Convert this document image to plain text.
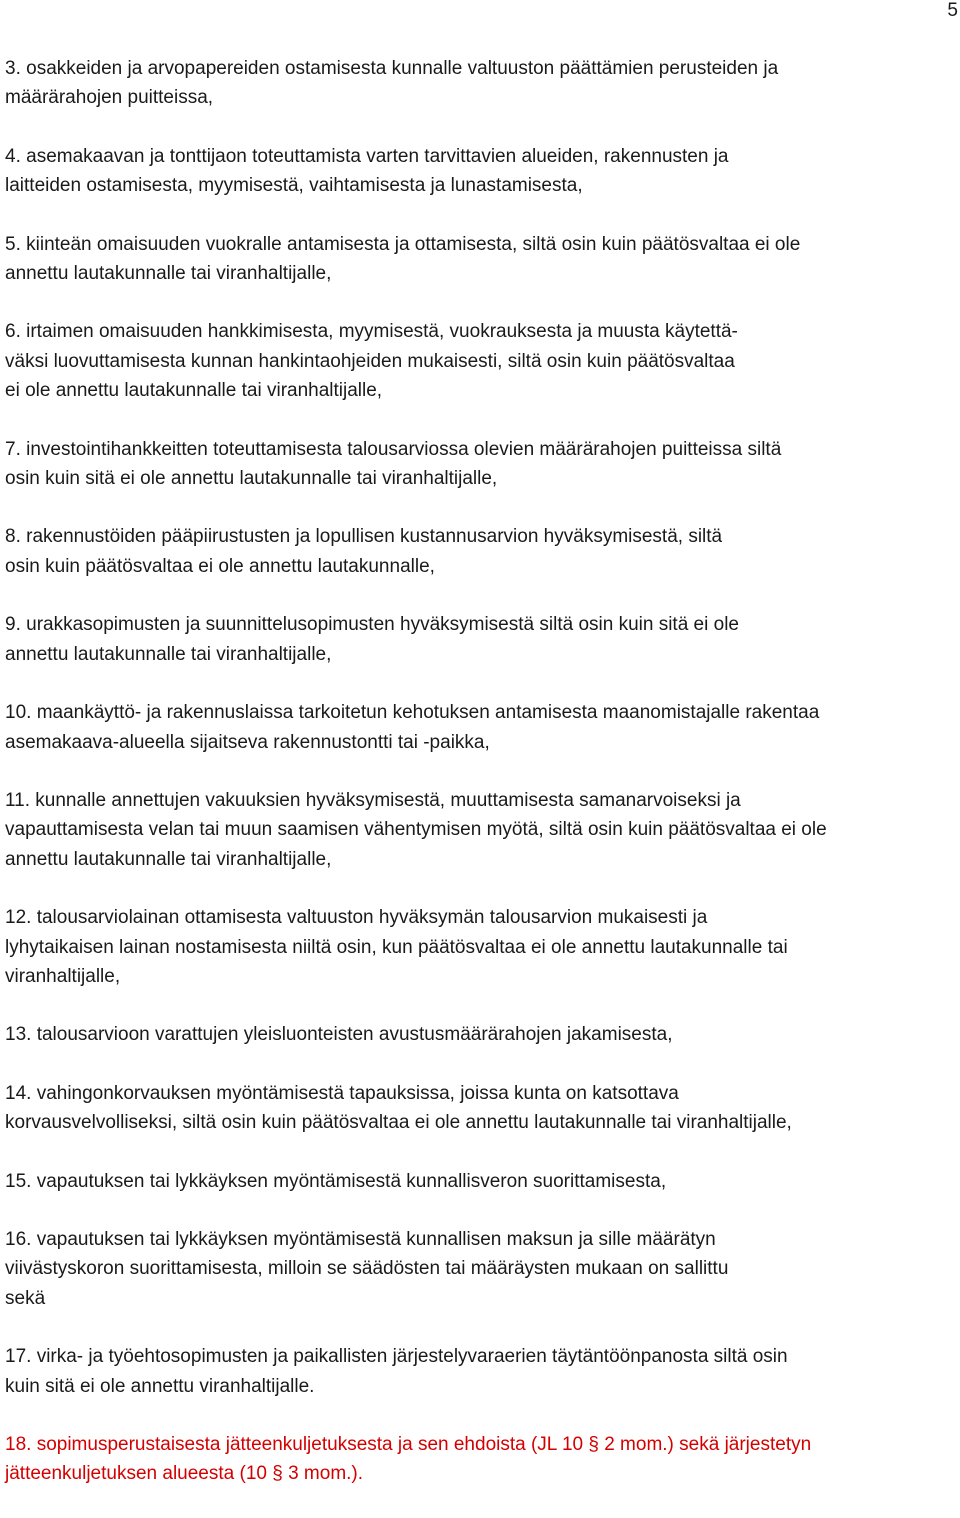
5
3. osakkeiden ja arvopapereiden ostamisesta kunnalle valtuuston päättämien perusteiden ja
määrärahojen puitteissa,
4. asemakaavan ja tonttijaon toteuttamista varten tarvittavien alueiden, rakennusten ja
laitteiden ostamisesta, myymisestä, vaihtamisesta ja lunastamisesta,
5. kiinteän omaisuuden vuokralle antamisesta ja ottamisesta, siltä osin kuin päätösvaltaa ei ole
annettu lautakunnalle tai viranhaltijalle,
6. irtaimen omaisuuden hankkimisesta, myymisestä, vuokrauksesta ja muusta käytettä-
väksi luovuttamisesta kunnan hankintaohjeiden mukaisesti, siltä osin kuin päätösvaltaa
ei ole annettu lautakunnalle tai viranhaltijalle,
7. investointihankkeitten toteuttamisesta talousarviossa olevien määrärahojen puitteissa siltä
osin kuin sitä ei ole annettu lautakunnalle tai viranhaltijalle,
8. rakennustöiden pääpiirustusten ja lopullisen kustannusarvion hyväksymisestä, siltä
osin kuin päätösvaltaa ei ole annettu lautakunnalle,
9. urakkasopimusten ja suunnittelusopimusten hyväksymisestä siltä osin kuin sitä ei ole
annettu lautakunnalle tai viranhaltijalle,
10. maankäyttö- ja rakennuslaissa tarkoitetun kehotuksen antamisesta maanomistajalle rakentaa
asemakaava-alueella sijaitseva rakennustontti tai -paikka,
11. kunnalle annettujen vakuuksien hyväksymisestä, muuttamisesta samanarvoiseksi ja
vapauttamisesta velan tai muun saamisen vähentymisen myötä, siltä osin kuin päätösvaltaa ei ole
annettu lautakunnalle tai viranhaltijalle,
12. talousarviolainan ottamisesta valtuuston hyväksymän talousarvion mukaisesti ja
lyhytaikaisen lainan nostamisesta niiltä osin, kun päätösvaltaa ei ole annettu lautakunnalle tai
viranhaltijalle,
13. talousarvioon varattujen yleisluonteisten avustusmäärärahojen jakamisesta,
14. vahingonkorvauksen myöntämisestä tapauksissa, joissa kunta on katsottava
korvausvelvolliseksi, siltä osin kuin päätösvaltaa ei ole annettu lautakunnalle tai viranhaltijalle,
15. vapautuksen tai lykkäyksen myöntämisestä kunnallisveron suorittamisesta,
16. vapautuksen tai lykkäyksen myöntämisestä kunnallisen maksun ja sille määrätyn
viivästyskoron suorittamisesta, milloin se säädösten tai määräysten mukaan on sallittu
sekä
17. virka- ja työehtosopimusten ja paikallisten järjestelyvaraerien täytäntöönpanosta siltä osin
kuin sitä ei ole annettu viranhaltijalle.
18. sopimusperustaisesta jätteenkuljetuksesta ja sen ehdoista (JL 10 § 2 mom.) sekä järjestetyn
jätteenkuljetuksen alueesta (10 § 3 mom.).
